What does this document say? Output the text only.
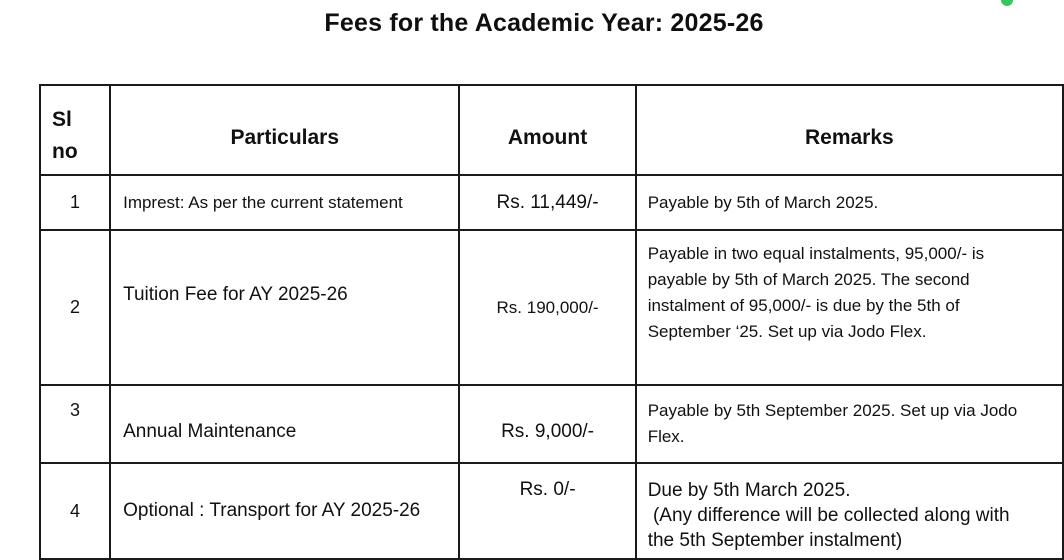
Fees for the Academic Year: 2025-26
Sl
no	Particulars	Amount	Remarks
1	Imprest: As per the current statement	Rs. 11,449/-	Payable by 5th of March 2025.

2	Tuition Fee for AY 2025-26	Rs. 190,000/-	Payable in two equal instalments, 95,000/- is
payable by 5th of March 2025. The second
instalment of 95,000/- is due by the 5th of
September ‘25. Set up via Jodo Flex.

3	Annual Maintenance	Rs. 9,000/-	Payable by 5th September 2025. Set up via Jodo
Flex.

4	Optional : Transport for AY 2025-26	Rs. 0/-	Due by 5th March 2025.
(Any difference will be collected along with
the 5th September instalment)
